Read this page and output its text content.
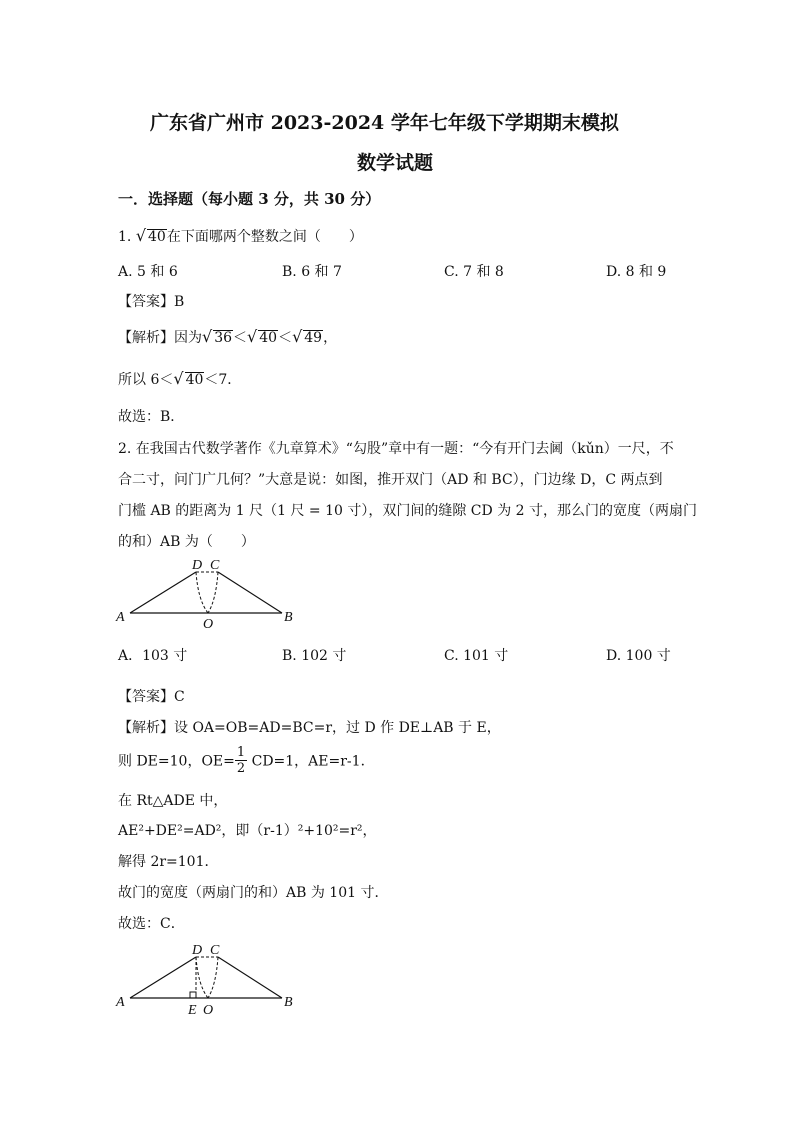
广东省广州市 2023-2024 学年七年级下学期期末模拟
数学试题
一．选择题（每小题 3 分，共 30 分）
1. √ 40在下面哪两个整数之间（　　）
A. 5 和 6	B. 6 和 7	C. 7 和 8	D. 8 和 9
【答案】B
【解析】因为√ 36＜√ 40＜√ 49，
所以 6＜√ 40＜7．
故选：B．
2. 在我国古代数学著作《九章算术》“勾股”章中有一题：“今有开门去阃（kǔn）一尺，不
合二寸，问门广几何？”大意是说：如图，推开双门（AD 和 BC），门边缘 D，C 两点到
门槛 AB 的距离为 1 尺（1 尺 = 10 寸），双门间的缝隙 CD 为 2 寸，那么门的宽度（两扇门
的和）AB 为（　　）
A	B
D C
O
A．103 寸	B. 102 寸	C. 101 寸	D. 100 寸
【答案】C
【解析】设 OA=OB=AD=BC=r，过 D 作 DE⊥AB 于 E，
则 DE=10，$OE= \frac{1}{2} CD=1$，AE=r-1．
在 Rt△ADE 中，
AE²+DE²=AD²，即（r-1）²+10²=r²，
解得 2r=101．
故门的宽度（两扇门的和）AB 为 101 寸．
故选：C．
A	B
D C
E O
